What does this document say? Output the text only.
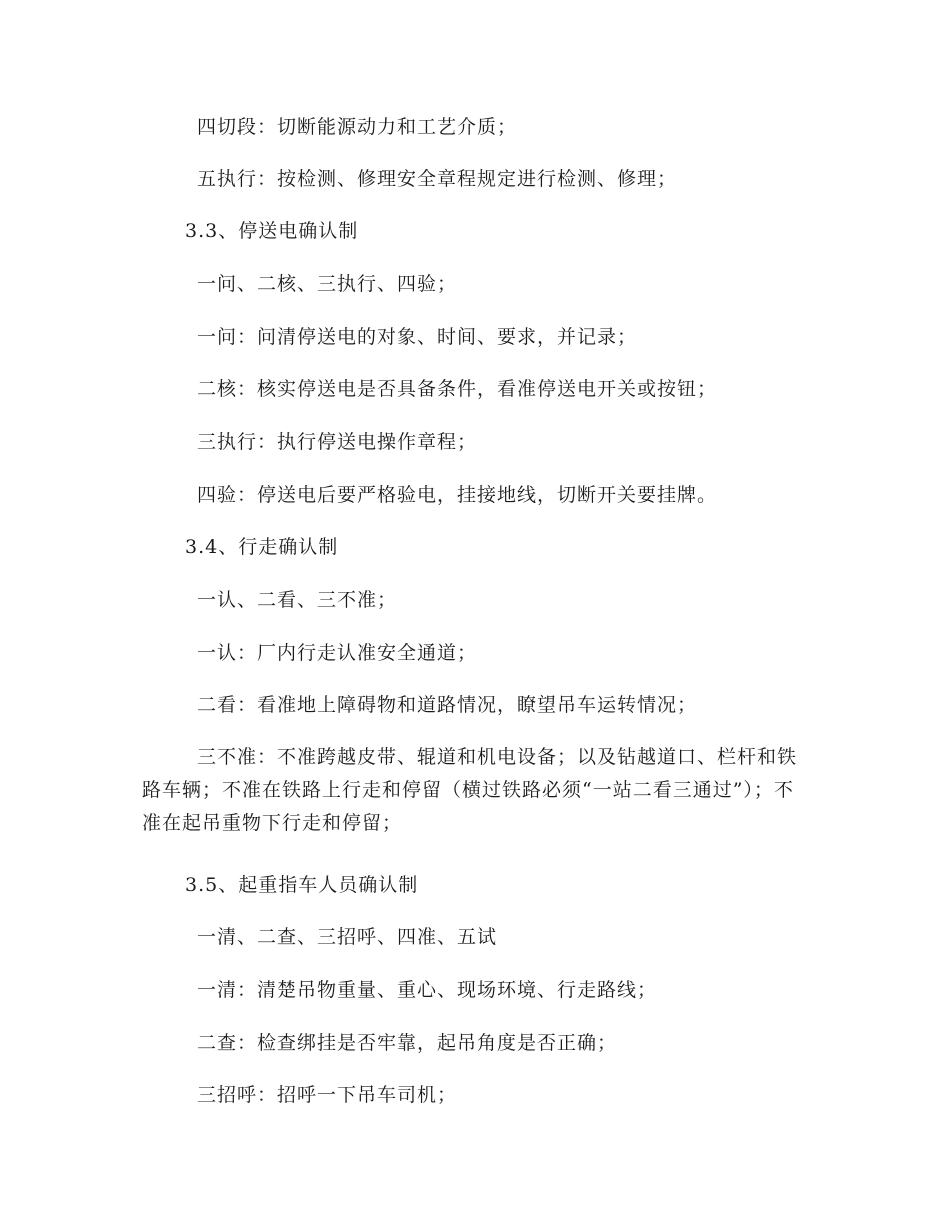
四切段：切断能源动力和工艺介质；
五执行：按检测、修理安全章程规定进行检测、修理；
3.3、停送电确认制
一问、二核、三执行、四验；
一问：问清停送电的对象、时间、要求，并记录；
二核：核实停送电是否具备条件，看准停送电开关或按钮；
三执行：执行停送电操作章程；
四验：停送电后要严格验电，挂接地线，切断开关要挂牌。
3.4、行走确认制
一认、二看、三不准；
一认：厂内行走认准安全通道；
二看：看准地上障碍物和道路情况，瞭望吊车运转情况；
三不准：不准跨越皮带、辊道和机电设备；以及钻越道口、栏杆和铁路车辆；不准在铁路上行走和停留（横过铁路必须“一站二看三通过”）；不准在起吊重物下行走和停留；
3.5、起重指车人员确认制
一清、二查、三招呼、四准、五试
一清：清楚吊物重量、重心、现场环境、行走路线；
二查：检查绑挂是否牢靠，起吊角度是否正确；
三招呼：招呼一下吊车司机；
